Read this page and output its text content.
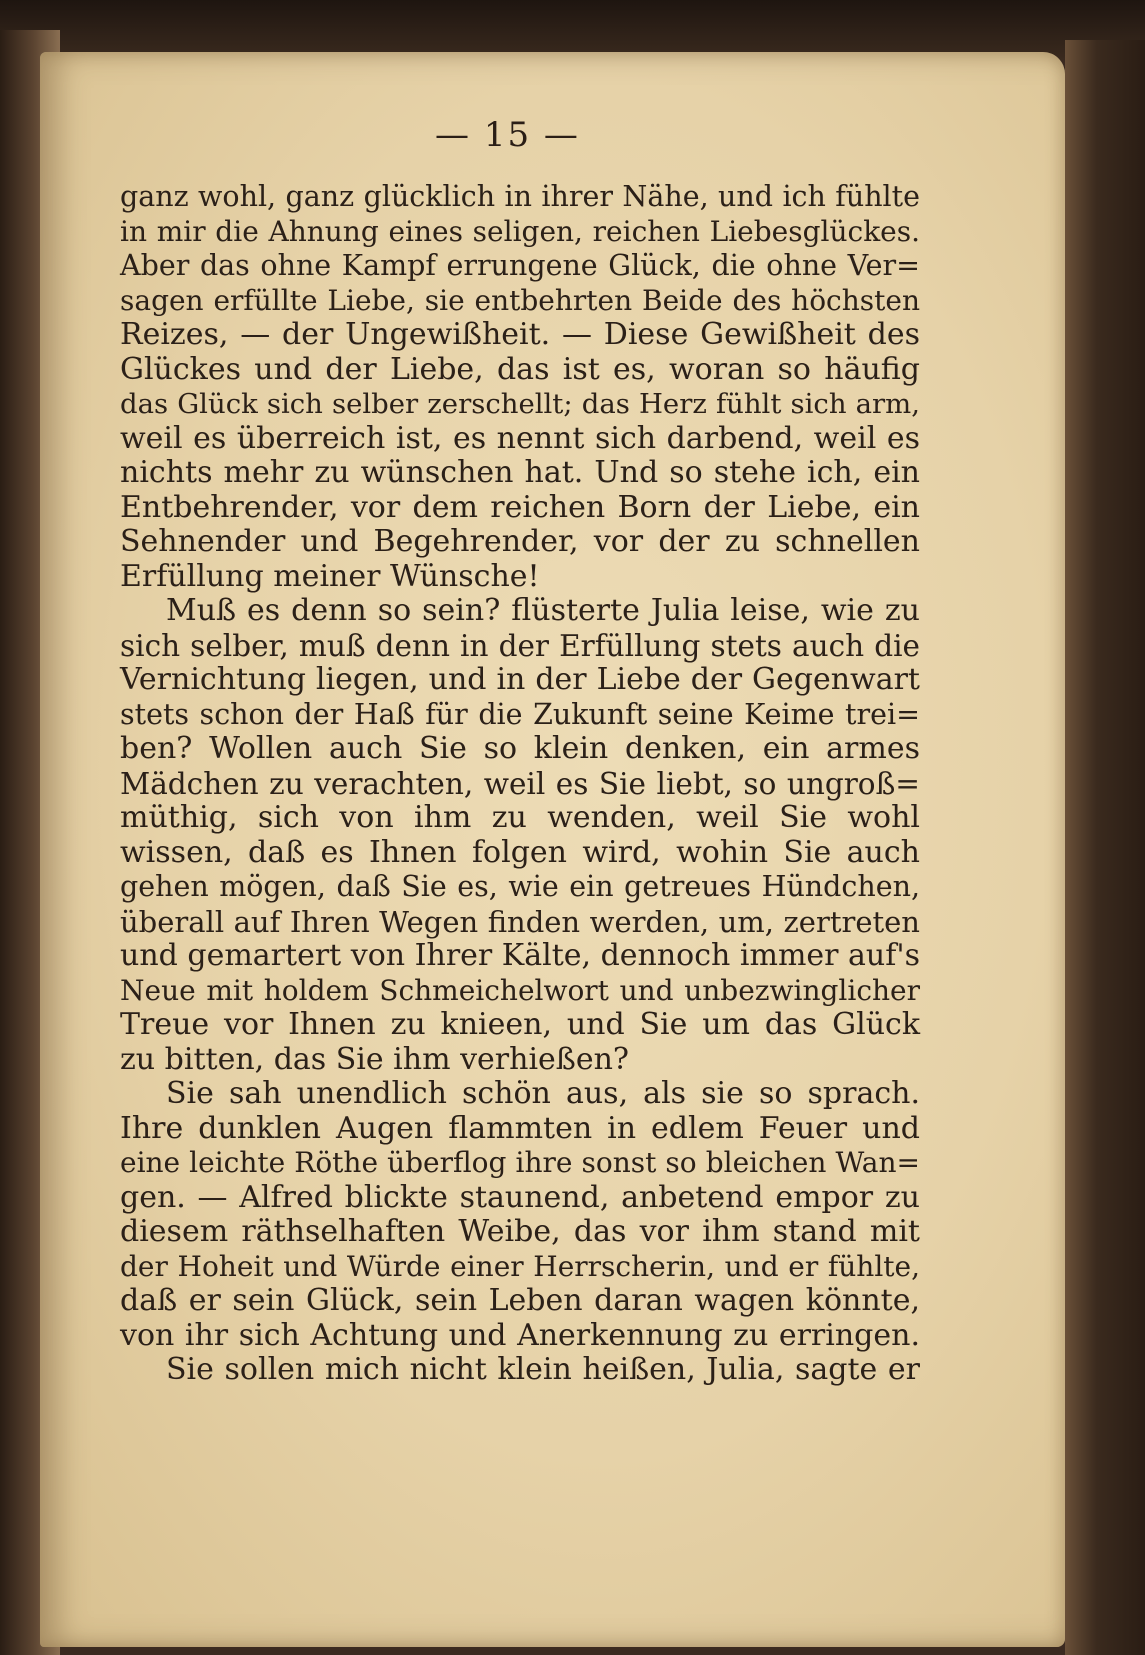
— 15 —
ganz wohl, ganz glücklich in ihrer Nähe, und ich fühlte
in mir die Ahnung eines seligen, reichen Liebesglückes.
Aber das ohne Kampf errungene Glück, die ohne Ver=
sagen erfüllte Liebe, sie entbehrten Beide des höchsten
Reizes, — der Ungewißheit. — Diese Gewißheit des
Glückes und der Liebe, das ist es, woran so häufig
das Glück sich selber zerschellt; das Herz fühlt sich arm,
weil es überreich ist, es nennt sich darbend, weil es
nichts mehr zu wünschen hat. Und so stehe ich, ein
Entbehrender, vor dem reichen Born der Liebe, ein
Sehnender und Begehrender, vor der zu schnellen
Erfüllung meiner Wünsche!
Muß es denn so sein? flüsterte Julia leise, wie zu
sich selber, muß denn in der Erfüllung stets auch die
Vernichtung liegen, und in der Liebe der Gegenwart
stets schon der Haß für die Zukunft seine Keime trei=
ben? Wollen auch Sie so klein denken, ein armes
Mädchen zu verachten, weil es Sie liebt, so ungroß=
müthig, sich von ihm zu wenden, weil Sie wohl
wissen, daß es Ihnen folgen wird, wohin Sie auch
gehen mögen, daß Sie es, wie ein getreues Hündchen,
überall auf Ihren Wegen finden werden, um, zertreten
und gemartert von Ihrer Kälte, dennoch immer auf's
Neue mit holdem Schmeichelwort und unbezwinglicher
Treue vor Ihnen zu knieen, und Sie um das Glück
zu bitten, das Sie ihm verhießen?
Sie sah unendlich schön aus, als sie so sprach.
Ihre dunklen Augen flammten in edlem Feuer und
eine leichte Röthe überflog ihre sonst so bleichen Wan=
gen. — Alfred blickte staunend, anbetend empor zu
diesem räthselhaften Weibe, das vor ihm stand mit
der Hoheit und Würde einer Herrscherin, und er fühlte,
daß er sein Glück, sein Leben daran wagen könnte,
von ihr sich Achtung und Anerkennung zu erringen.
Sie sollen mich nicht klein heißen, Julia, sagte er
